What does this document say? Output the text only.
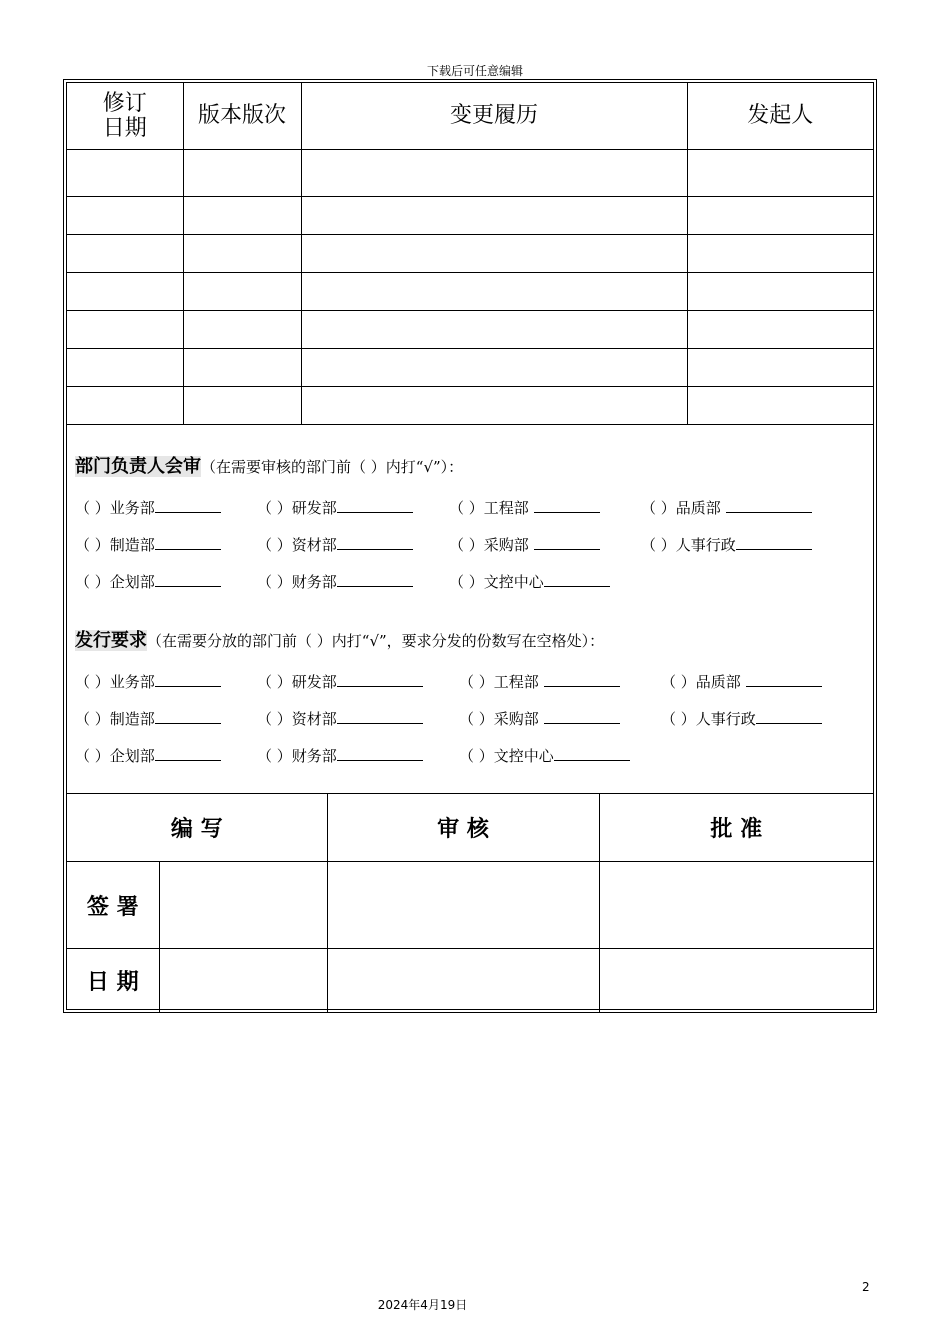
下载后可任意编辑
修订
日期	版本版次	变更履历	发起人

部门负责人会审（在需要审核的部门前（ ）内打“√”）：
（ ）业务部	（ ）研发部	（ ）工程部	（ ）品质部
（ ）制造部	（ ）资材部	（ ）采购部	（ ）人事行政
（ ）企划部	（ ）财务部	（ ）文控中心
发行要求（在需要分放的部门前（ ）内打“√”，要求分发的份数写在空格处）：
（ ）业务部	（ ）研发部	（ ）工程部	（ ）品质部
（ ）制造部	（ ）资材部	（ ）采购部	（ ）人事行政
（ ）企划部	（ ）财务部	（ ）文控中心
编 写		审 核	批 准
签 署			
日 期			
2
2024年4月19日
